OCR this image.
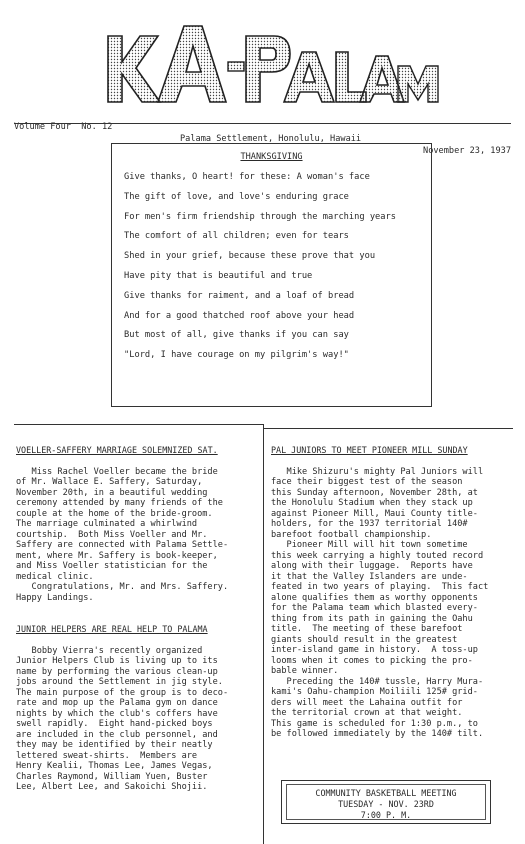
Volume Four  No. 12

Palama Settlement, Honolulu, Hawaii

November 23, 1937

THANKSGIVING
Give thanks, O heart! for these: A woman's face
The gift of love, and love's enduring grace
For men's firm friendship through the marching years
The comfort of all children; even for tears
Shed in your grief, because these prove that you
Have pity that is beautiful and true
Give thanks for raiment, and a loaf of bread
And for a good thatched roof above your head
But most of all, give thanks if you can say
"Lord, I have courage on my pilgrim's way!"
VOELLER-SAFFERY MARRIAGE SOLEMNIZED SAT.

Miss Rachel Voeller became the bride
of Mr. Wallace E. Saffery, Saturday,
November 20th, in a beautiful wedding
ceremony attended by many friends of the
couple at the home of the bride-groom.
The marriage culminated a whirlwind
courtship.  Both Miss Voeller and Mr.
Saffery are connected with Palama Settle-
ment, where Mr. Saffery is book-keeper,
and Miss Voeller statistician for the
medical clinic.

Congratulations, Mr. and Mrs. Saffery.
Happy Landings.

JUNIOR HELPERS ARE REAL HELP TO PALAMA

Bobby Vierra's recently organized
Junior Helpers Club is living up to its
name by performing the various clean-up
jobs around the Settlement in jig style.
The main purpose of the group is to deco-
rate and mop up the Palama gym on dance
nights by which the club's coffers have
swell rapidly.  Eight hand-picked boys
are included in the club personnel, and
they may be identified by their neatly
lettered sweat-shirts.  Members are
Henry Kealii, Thomas Lee, James Vegas,
Charles Raymond, William Yuen, Buster
Lee, Albert Lee, and Sakoichi Shojii.

PAL JUNIORS TO MEET PIONEER MILL SUNDAY

Mike Shizuru's mighty Pal Juniors will
face their biggest test of the season
this Sunday afternoon, November 28th, at
the Honolulu Stadium when they stack up
against Pioneer Mill, Maui County title-
holders, for the 1937 territorial 140#
barefoot football championship.

Pioneer Mill will hit town sometime
this week carrying a highly touted record
along with their luggage.  Reports have
it that the Valley Islanders are unde-
feated in two years of playing.  This fact
alone qualifies them as worthy opponents
for the Palama team which blasted every-
thing from its path in gaining the Oahu
title.  The meeting of these barefoot
giants should result in the greatest
inter-island game in history.  A toss-up
looms when it comes to picking the pro-
bable winner.

Preceding the 140# tussle, Harry Mura-
kami's Oahu-champion Moiliili 125# grid-
ders will meet the Lahaina outfit for
the territorial crown at that weight.
This game is scheduled for 1:30 p.m., to
be followed immediately by the 140# tilt.

COMMUNITY BASKETBALL MEETING
TUESDAY - NOV. 23RD
7:00 P. M.
